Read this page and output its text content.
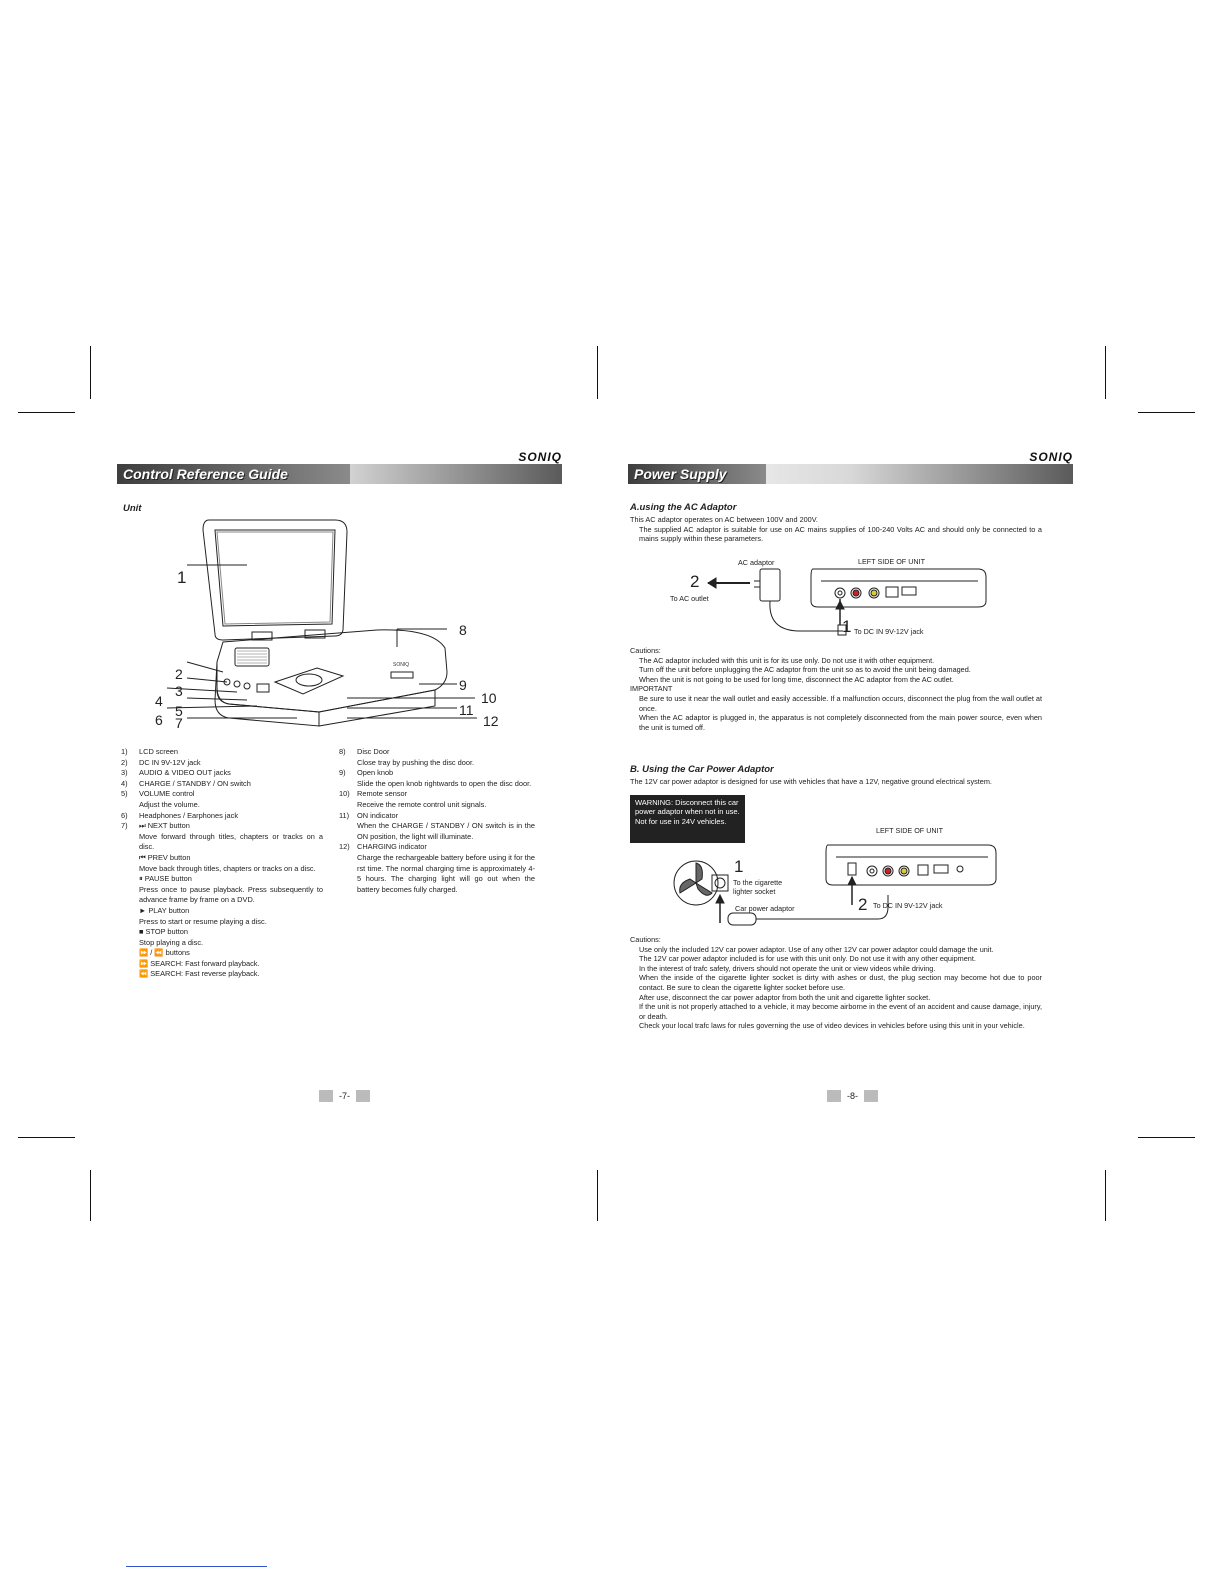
SONIQ
Control Reference Guide
Unit
SONIQ
1
2
3
4
5
6 7
8
9
10
11
12
1)	LCD screen
2)	DC IN 9V-12V jack
3)	AUDIO & VIDEO OUT jacks
4)	CHARGE / STANDBY / ON switch
5)	VOLUME control
Adjust the volume.
6)	Headphones / Earphones jack
7)	⏭ NEXT button
Move forward through titles, chapters or tracks on a disc.
⏮ PREV button
Move back through titles, chapters or tracks on a disc.
⏸ PAUSE button
Press once to pause playback. Press subsequently to advance frame by frame on a DVD.
► PLAY button
Press to start or resume playing a disc.
■ STOP button
Stop playing a disc.
⏩ / ⏪ buttons
⏩ SEARCH: Fast forward playback.
⏪ SEARCH: Fast reverse playback.
8)	Disc Door
Close tray by pushing the disc door.
9)	Open knob
Slide the open knob rightwards to open the disc door.
10) Remote sensor
Receive the remote control unit signals.
11)	ON indicator
When the CHARGE / STANDBY / ON switch is in the ON position, the light will illuminate.
12) CHARGING indicator
Charge the rechargeable battery before using it for the rst time. The normal charging time is approximately 4-5 hours. The charging light will go out when the battery becomes fully charged.
-7-
SONIQ
Power Supply
A.using the AC Adaptor
This AC adaptor operates on AC between 100V and 200V.
The supplied AC adaptor is suitable for use on AC mains supplies of 100-240 Volts AC and should only be connected to a mains supply within these parameters.
AC adaptor	LEFT SIDE OF UNIT
2
To AC outlet
1 To DC IN 9V-12V jack
Cautions:
The AC adaptor included with this unit is for its use only. Do not use it with other equipment.
Turn off the unit before unplugging the AC adaptor from the unit so as to avoid the unit being damaged.
When the unit is not going to be used for long time, disconnect the AC adaptor from the AC outlet.
IMPORTANT
Be sure to use it near the wall outlet and easily accessible. If a malfunction occurs, disconnect the plug from the wall outlet at once.
When the AC adaptor is plugged in, the apparatus is not completely disconnected from the main power source, even when the unit is turned off.
B. Using the Car Power Adaptor
The 12V car power adaptor is designed for use with vehicles that have a 12V, negative ground electrical system.
WARNING: Disconnect this car power adaptor when not in use. Not for use in 24V vehicles.
LEFT SIDE OF UNIT
1
To the cigarette lighter socket
Car power adaptor	2 To DC IN 9V-12V jack
Cautions:
Use only the included 12V car power adaptor. Use of any other 12V car power adaptor could damage the unit.
The 12V car power adaptor included is for use with this unit only. Do not use it with any other equipment.
In the interest of trafc safety, drivers should not operate the unit or view videos while driving.
When the inside of the cigarette lighter socket is dirty with ashes or dust, the plug section may become hot due to poor contact. Be sure to clean the cigarette lighter socket before use.
After use, disconnect the car power adaptor from both the unit and cigarette lighter socket.
If the unit is not properly attached to a vehicle, it may become airborne in the event of an accident and cause damage, injury, or death.
Check your local trafc laws for rules governing the use of video devices in vehicles before using this unit in your vehicle.
-8-
